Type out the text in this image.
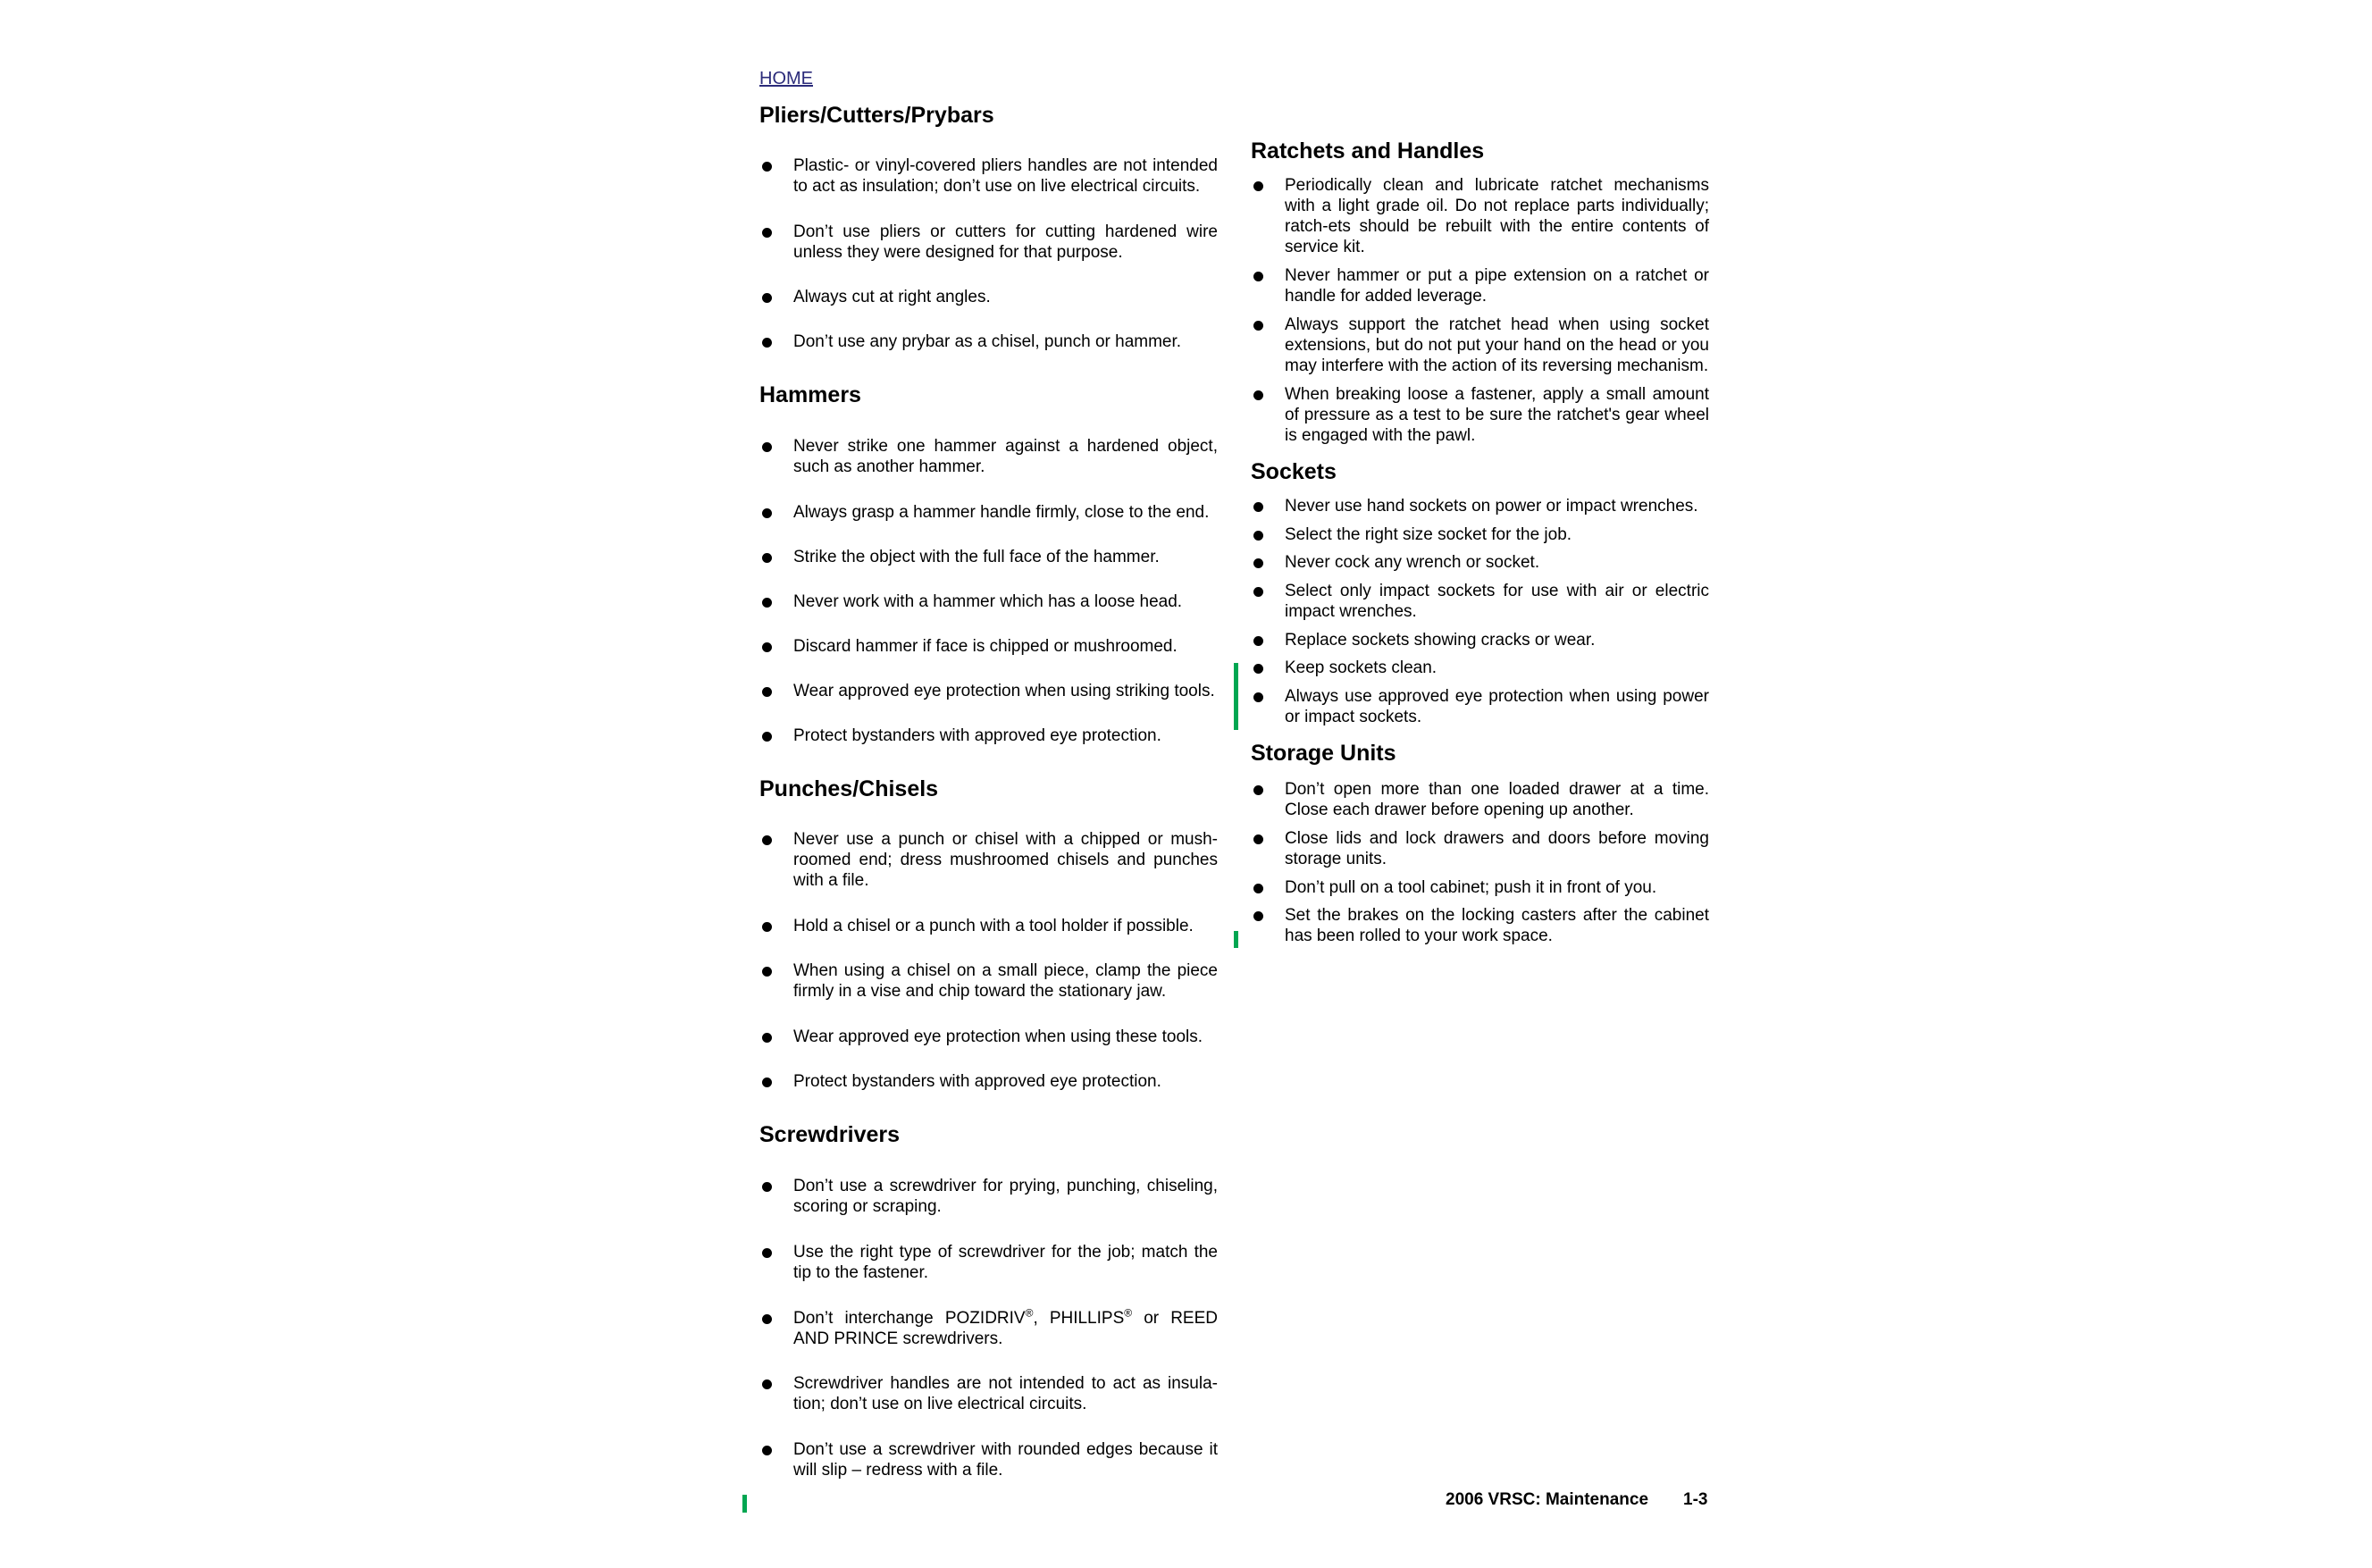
HOME
Pliers/Cutters/Prybars
Plastic- or vinyl-covered pliers handles are not intended to act as insulation; don’t use on live electrical circuits.
Don’t use pliers or cutters for cutting hardened wire unless they were designed for that purpose.
Always cut at right angles.
Don’t use any prybar as a chisel, punch or hammer.
Hammers
Never strike one hammer against a hardened object, such as another hammer.
Always grasp a hammer handle firmly, close to the end.
Strike the object with the full face of the hammer.
Never work with a hammer which has a loose head.
Discard hammer if face is chipped or mushroomed.
Wear approved eye protection when using striking tools.
Protect bystanders with approved eye protection.
Punches/Chisels
Never use a punch or chisel with a chipped or mush-roomed end; dress mushroomed chisels and punches with a file.
Hold a chisel or a punch with a tool holder if possible.
When using a chisel on a small piece, clamp the piece firmly in a vise and chip toward the stationary jaw.
Wear approved eye protection when using these tools.
Protect bystanders with approved eye protection.
Screwdrivers
Don’t use a screwdriver for prying, punching, chiseling, scoring or scraping.
Use the right type of screwdriver for the job; match the tip to the fastener.
Don’t interchange POZIDRIV®, PHILLIPS® or REED AND PRINCE screwdrivers.
Screwdriver handles are not intended to act as insula-tion; don’t use on live electrical circuits.
Don’t use a screwdriver with rounded edges because it will slip – redress with a file.
Ratchets and Handles
Periodically clean and lubricate ratchet mechanisms with a light grade oil. Do not replace parts individually; ratch-ets should be rebuilt with the entire contents of service kit.
Never hammer or put a pipe extension on a ratchet or handle for added leverage.
Always support the ratchet head when using socket extensions, but do not put your hand on the head or you may interfere with the action of its reversing mechanism.
When breaking loose a fastener, apply a small amount of pressure as a test to be sure the ratchet's gear wheel is engaged with the pawl.
Sockets
Never use hand sockets on power or impact wrenches.
Select the right size socket for the job.
Never cock any wrench or socket.
Select only impact sockets for use with air or electric impact wrenches.
Replace sockets showing cracks or wear.
Keep sockets clean.
Always use approved eye protection when using power or impact sockets.
Storage Units
Don’t open more than one loaded drawer at a time. Close each drawer before opening up another.
Close lids and lock drawers and doors before moving storage units.
Don’t pull on a tool cabinet; push it in front of you.
Set the brakes on the locking casters after the cabinet has been rolled to your work space.
2006 VRSC: Maintenance 1-3
